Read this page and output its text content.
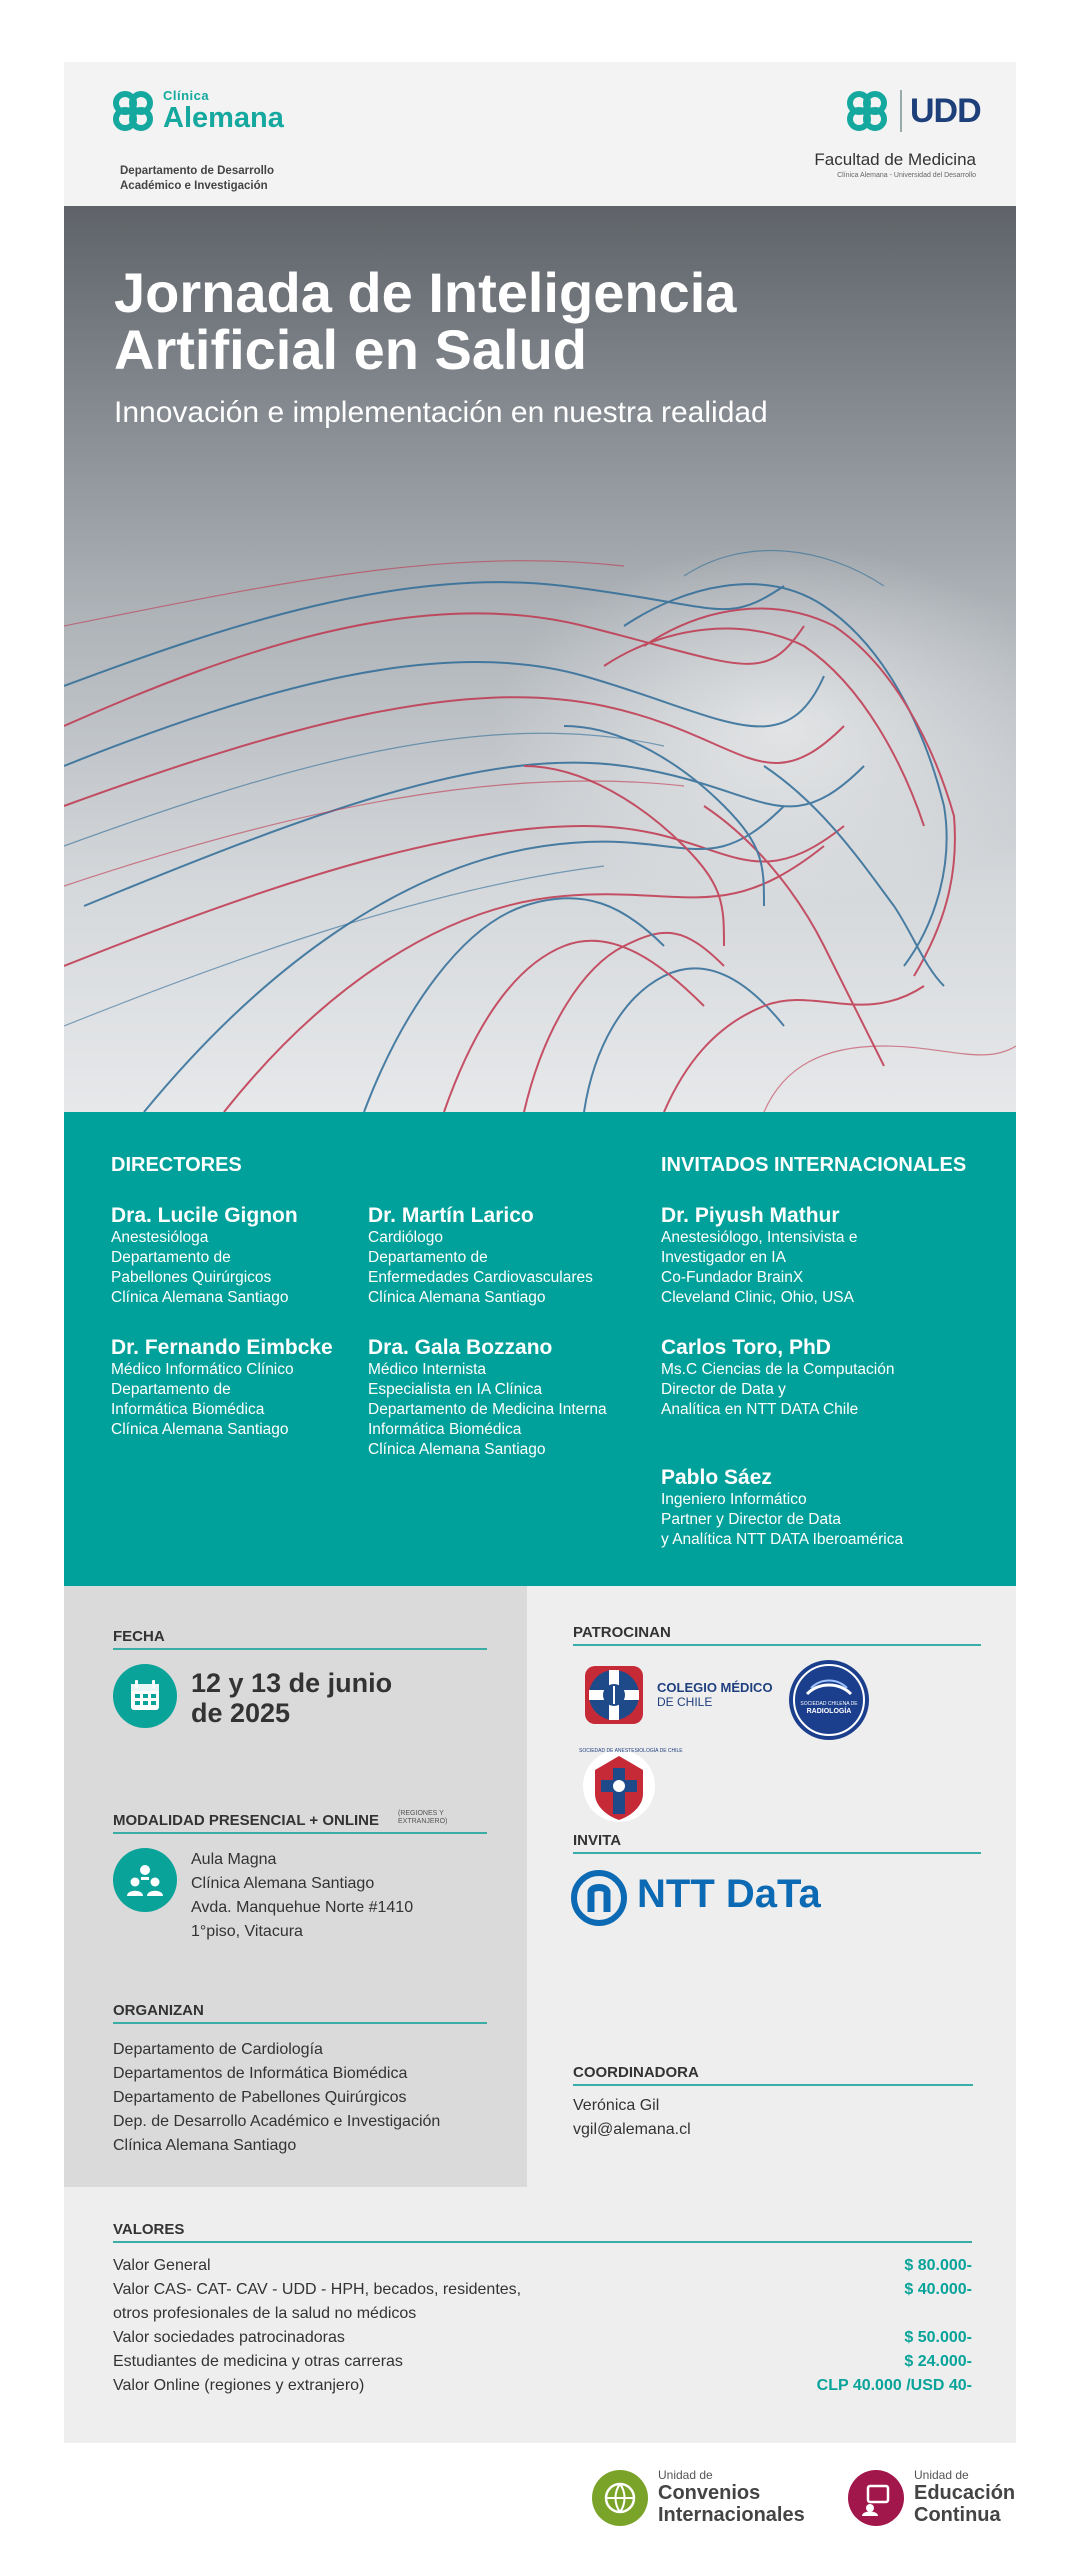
Clínica
Alemana
Departamento de Desarrollo
Académico e Investigación
UDD
Facultad de Medicina
Clínica Alemana - Universidad del Desarrollo
Jornada de Inteligencia
Artificial en Salud
Innovación e implementación en nuestra realidad
DIRECTORES	INVITADOS INTERNACIONALES
Dra. Lucile Gignon
Anestesióloga
Departamento de
Pabellones Quirúrgicos
Clínica Alemana Santiago
Dr. Martín Larico
Cardiólogo
Departamento de
Enfermedades Cardiovasculares
Clínica Alemana Santiago
Dr. Fernando Eimbcke
Médico Informático Clínico
Departamento de
Informática Biomédica
Clínica Alemana Santiago
Dra. Gala Bozzano
Médico Internista
Especialista en IA Clínica
Departamento de Medicina Interna
Informática Biomédica
Clínica Alemana Santiago
Dr. Piyush Mathur
Anestesiólogo, Intensivista e
Investigador en IA
Co-Fundador BrainX
Cleveland Clinic, Ohio, USA
Carlos Toro, PhD
Ms.C Ciencias de la Computación
Director de Data y
Analítica en NTT DATA Chile
Pablo Sáez
Ingeniero Informático
Partner y Director de Data
y Analítica NTT DATA Iberoamérica
FECHA
12 y 13 de junio
de 2025
MODALIDAD PRESENCIAL + ONLINE	(REGIONES Y
EXTRANJERO)
Aula Magna
Clínica Alemana Santiago
Avda. Manquehue Norte #1410
1°piso, Vitacura
ORGANIZAN
Departamento de Cardiología
Departamentos de Informática Biomédica
Departamento de Pabellones Quirúrgicos
Dep. de Desarrollo Académico e Investigación
Clínica Alemana Santiago
PATROCINAN
COLEGIO MÉDICO
DE CHILE	SOCIEDAD CHILENA DE
RADIOLOGÍA
SOCIEDAD DE ANESTESIOLOGÍA DE CHILE
INVITA
NTT DaTa
COORDINADORA
Verónica Gil
vgil@alemana.cl
VALORES
Valor General	$ 80.000-
Valor CAS- CAT- CAV - UDD - HPH, becados, residentes,	$ 40.000-
otros profesionales de la salud no médicos
Valor sociedades patrocinadoras	$ 50.000-
Estudiantes de medicina y otras carreras	$ 24.000-
Valor Online (regiones y extranjero)	CLP 40.000 /USD 40-
Unidad de
Convenios
Internacionales
Unidad de
Educación
Continua
